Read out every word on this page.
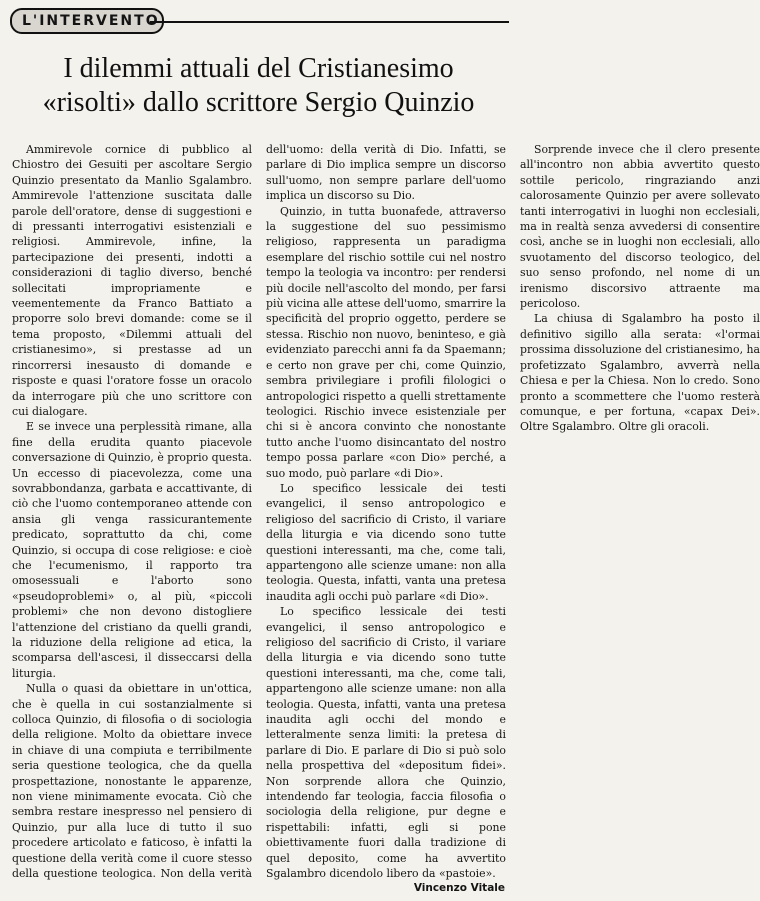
L'INTERVENTO
I dilemmi attuali del Cristianesimo
«risolti» dallo scrittore Sergio Quinzio

Ammirevole cornice di pubblico al Chiostro dei Gesuiti per ascoltare Sergio Quinzio presentato da Manlio Sgalambro. Ammirevole l'attenzione suscitata dalle parole dell'oratore, dense di suggestioni e di pressanti interrogativi esistenziali e religiosi. Ammirevole, infine, la partecipazione dei presenti, indotti a considerazioni di taglio diverso, benché sollecitati impropriamente e veementemente da Franco Battiato a proporre solo brevi domande: come se il tema proposto, «Dilemmi attuali del cristianesimo», si prestasse ad un rincorrersi inesausto di domande e risposte e quasi l'oratore fosse un oracolo da interrogare più che uno scrittore con cui dialogare.

E se invece una perplessità rimane, alla fine della erudita quanto piacevole conversazione di Quinzio, è proprio questa. Un eccesso di piacevolezza, come una sovrabbondanza, garbata e accattivante, di ciò che l'uomo contemporaneo attende con ansia gli venga rassicurantemente predicato, soprattutto da chi, come Quinzio, si occupa di cose religiose: e cioè che l'ecumenismo, il rapporto tra omosessuali e l'aborto sono «pseudoproblemi» o, al più, «piccoli problemi» che non devono distogliere l'attenzione del cristiano da quelli grandi, la riduzione della religione ad etica, la scomparsa dell'ascesi, il disseccarsi della liturgia.

Nulla o quasi da obiettare in un'ottica, che è quella in cui sostanzialmente si colloca Quinzio, di filosofia o di sociologia della religione. Molto da obiettare invece in chiave di una compiuta e terribilmente seria questione teologica, che da quella prospettazione, nonostante le apparenze, non viene minimamente evocata. Ciò che sembra restare inespresso nel pensiero di Quinzio, pur alla luce di tutto il suo procedere articolato e faticoso, è infatti la questione della verità come il cuore stesso della questione teologica. Non della verità dell'uomo: della verità di Dio. Infatti, se parlare di Dio implica sempre un discorso sull'uomo, non sempre parlare dell'uomo implica un discorso su Dio.

Quinzio, in tutta buonafede, attraverso la suggestione del suo pessimismo religioso, rappresenta un paradigma esemplare del rischio sottile cui nel nostro tempo la teologia va incontro: per rendersi più docile nell'ascolto del mondo, per farsi più vicina alle attese dell'uomo, smarrire la specificità del proprio oggetto, perdere se stessa. Rischio non nuovo, beninteso, e già evidenziato parecchi anni fa da Spaemann; e certo non grave per chi, come Quinzio, sembra privilegiare i profili filologici o antropologici rispetto a quelli strettamente teologici. Rischio invece esistenziale per chi si è ancora convinto che nonostante tutto anche l'uomo disincantato del nostro tempo possa parlare «con Dio» perché, a suo modo, può parlare «di Dio».

Lo specifico lessicale dei testi evangelici, il senso antropologico e religioso del sacrificio di Cristo, il variare della liturgia e via dicendo sono tutte questioni interessanti, ma che, come tali, appartengono alle scienze umane: non alla teologia. Questa, infatti, vanta una pretesa inaudita agli occhi può parlare «di Dio».

Lo specifico lessicale dei testi evangelici, il senso antropologico e religioso del sacrificio di Cristo, il variare della liturgia e via dicendo sono tutte questioni interessanti, ma che, come tali, appartengono alle scienze umane: non alla teologia. Questa, infatti, vanta una pretesa inaudita agli occhi del mondo e letteralmente senza limiti: la pretesa di parlare di Dio. E parlare di Dio si può solo nella prospettiva del «depositum fidei». Non sorprende allora che Quinzio, intendendo far teologia, faccia filosofia o sociologia della religione, pur degne e rispettabili: infatti, egli si pone obiettivamente fuori dalla tradizione di quel deposito, come ha avvertito Sgalambro dicendolo libero da «pastoie».

Sorprende invece che il clero presente all'incontro non abbia avvertito questo sottile pericolo, ringraziando anzi calorosamente Quinzio per avere sollevato tanti interrogativi in luoghi non ecclesiali, ma in realtà senza avvedersi di consentire così, anche se in luoghi non ecclesiali, allo svuotamento del discorso teologico, del suo senso profondo, nel nome di un irenismo discorsivo attraente ma pericoloso.

La chiusa di Sgalambro ha posto il definitivo sigillo alla serata: «l'ormai prossima dissoluzione del cristianesimo, ha profetizzato Sgalambro, avverrà nella Chiesa e per la Chiesa. Non lo credo. Sono pronto a scommettere che l'uomo resterà comunque, e per fortuna, «capax Dei». Oltre Sgalambro. Oltre gli oracoli.

Vincenzo Vitale
